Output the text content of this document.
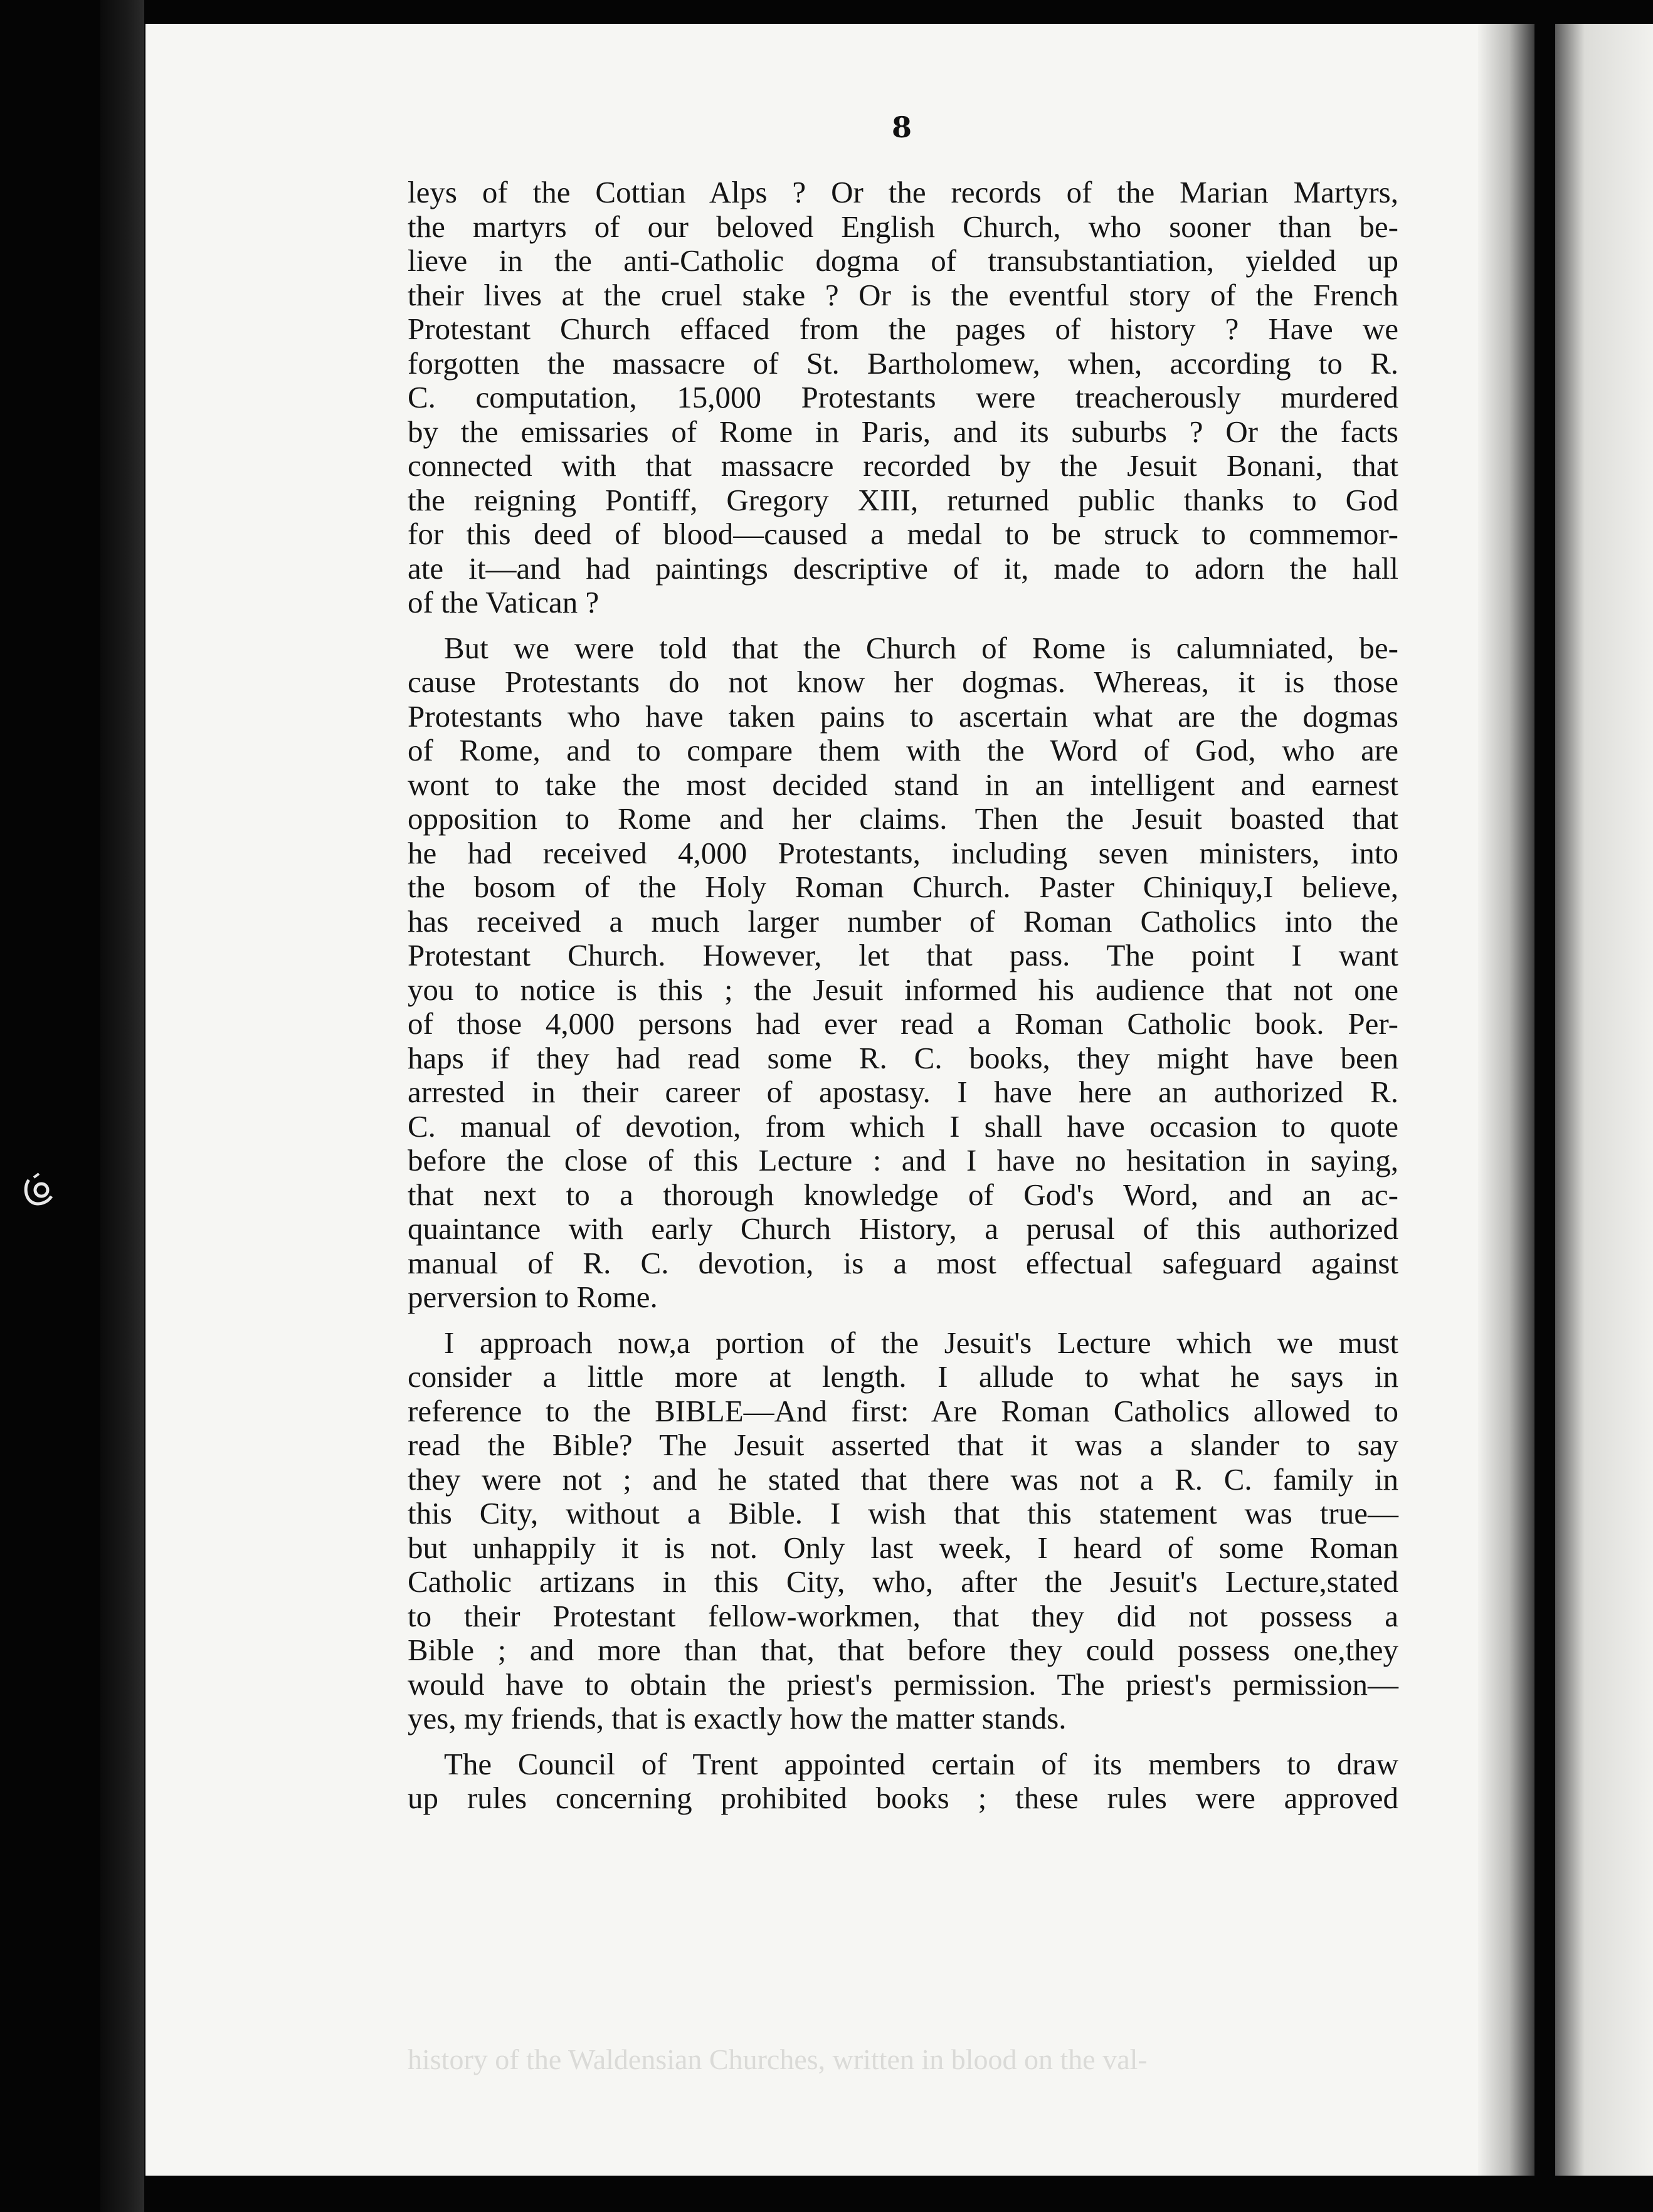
8
leys of the Cottian Alps ? Or the records of the Marian Martyrs,
the martyrs of our beloved English Church, who sooner than be-
lieve in the anti-Catholic dogma of transubstantiation, yielded up
their lives at the cruel stake ? Or is the eventful story of the French
Protestant Church effaced from the pages of history ? Have we
forgotten the massacre of St. Bartholomew, when, according to R.
C. computation, 15,000 Protestants were treacherously murdered
by the emissaries of Rome in Paris, and its suburbs ? Or the facts
connected with that massacre recorded by the Jesuit Bonani, that
the reigning Pontiff, Gregory XIII, returned public thanks to God
for this deed of blood—caused a medal to be struck to commemor-
ate it—and had paintings descriptive of it, made to adorn the hall
of the Vatican ?
But we were told that the Church of Rome is calumniated, be-
cause Protestants do not know her dogmas. Whereas, it is those
Protestants who have taken pains to ascertain what are the dogmas
of Rome, and to compare them with the Word of God, who are
wont to take the most decided stand in an intelligent and earnest
opposition to Rome and her claims. Then the Jesuit boasted that
he had received 4,000 Protestants, including seven ministers, into
the bosom of the Holy Roman Church. Paster Chiniquy,I believe,
has received a much larger number of Roman Catholics into the
Protestant Church. However, let that pass. The point I want
you to notice is this ; the Jesuit informed his audience that not one
of those 4,000 persons had ever read a Roman Catholic book. Per-
haps if they had read some R. C. books, they might have been
arrested in their career of apostasy. I have here an authorized R.
C. manual of devotion, from which I shall have occasion to quote
before the close of this Lecture : and I have no hesitation in saying,
that next to a thorough knowledge of God's Word, and an ac-
quaintance with early Church History, a perusal of this authorized
manual of R. C. devotion, is a most effectual safeguard against
perversion to Rome.
I approach now,a portion of the Jesuit's Lecture which we must
consider a little more at length. I allude to what he says in
reference to the BIBLE—And first: Are Roman Catholics allowed to
read the Bible? The Jesuit asserted that it was a slander to say
they were not ; and he stated that there was not a R. C. family in
this City, without a Bible. I wish that this statement was true—
but unhappily it is not. Only last week, I heard of some Roman
Catholic artizans in this City, who, after the Jesuit's Lecture,stated
to their Protestant fellow-workmen, that they did not possess a
Bible ; and more than that, that before they could possess one,they
would have to obtain the priest's permission. The priest's permission—
yes, my friends, that is exactly how the matter stands.
The Council of Trent appointed certain of its members to draw
up rules concerning prohibited books ; these rules were approved
history of the Waldensian Churches, written in blood on the val-
